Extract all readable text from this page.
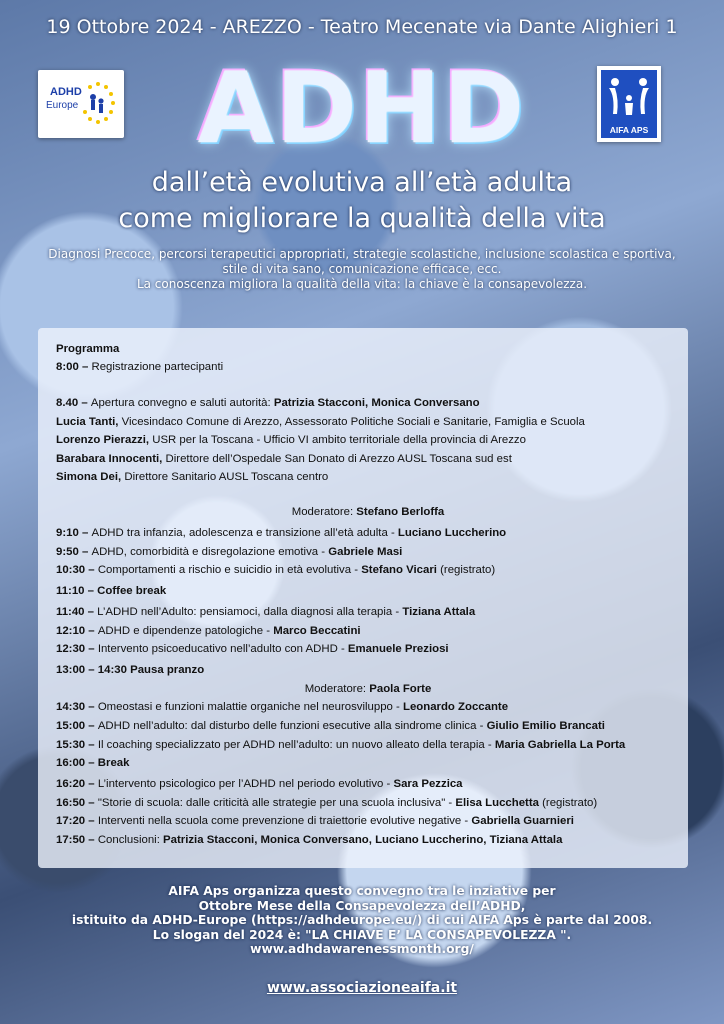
19 Ottobre 2024 - AREZZO - Teatro Mecenate via Dante Alighieri 1
ADHD
Europe	ADHD	AIFA APS
dall’età evolutiva all’età adulta
come migliorare la qualità della vita
Diagnosi Precoce, percorsi terapeutici appropriati, strategie scolastiche, inclusione scolastica e sportiva,
stile di vita sano, comunicazione efficace, ecc.
La conoscenza migliora la qualità della vita: la chiave è la consapevolezza.
Programma
8:00 – Registrazione partecipanti
8.40 – Apertura convegno e saluti autorità: Patrizia Stacconi, Monica Conversano
Lucia Tanti, Vicesindaco Comune di Arezzo, Assessorato Politiche Sociali e Sanitarie, Famiglia e Scuola
Lorenzo Pierazzi, USR per la Toscana - Ufficio VI ambito territoriale della provincia di Arezzo
Barabara Innocenti, Direttore dell’Ospedale San Donato di Arezzo AUSL Toscana sud est
Simona Dei, Direttore Sanitario AUSL Toscana centro
Moderatore: Stefano Berloffa
9:10 – ADHD tra infanzia, adolescenza e transizione all’età adulta - Luciano Luccherino
9:50 – ADHD, comorbidità e disregolazione emotiva - Gabriele Masi
10:30 – Comportamenti a rischio e suicidio in età evolutiva - Stefano Vicari (registrato)
11:10 – Coffee break
11:40 – L’ADHD nell’Adulto: pensiamoci, dalla diagnosi alla terapia - Tiziana Attala
12:10 – ADHD e dipendenze patologiche - Marco Beccatini
12:30 – Intervento psicoeducativo nell’adulto con ADHD - Emanuele Preziosi
13:00 – 14:30 Pausa pranzo
Moderatore: Paola Forte
14:30 – Omeostasi e funzioni malattie organiche nel neurosviluppo - Leonardo Zoccante
15:00 – ADHD nell’adulto: dal disturbo delle funzioni esecutive alla sindrome clinica - Giulio Emilio Brancati
15:30 – Il coaching specializzato per ADHD nell’adulto: un nuovo alleato della terapia - Maria Gabriella La Porta
16:00 – Break
16:20 – L’intervento psicologico per l’ADHD nel periodo evolutivo - Sara Pezzica
16:50 – "Storie di scuola: dalle criticità alle strategie per una scuola inclusiva" - Elisa Lucchetta (registrato)
17:20 – Interventi nella scuola come prevenzione di traiettorie evolutive negative - Gabriella Guarnieri
17:50 – Conclusioni: Patrizia Stacconi, Monica Conversano, Luciano Luccherino, Tiziana Attala
AIFA Aps organizza questo convegno tra le inziative per
Ottobre Mese della Consapevolezza dell’ADHD,
istituito da ADHD-Europe (https://adhdeurope.eu/) di cui AIFA Aps è parte dal 2008.
Lo slogan del 2024 è: "LA CHIAVE E’ LA CONSAPEVOLEZZA ".
www.adhdawarenessmonth.org/
www.associazioneaifa.it
